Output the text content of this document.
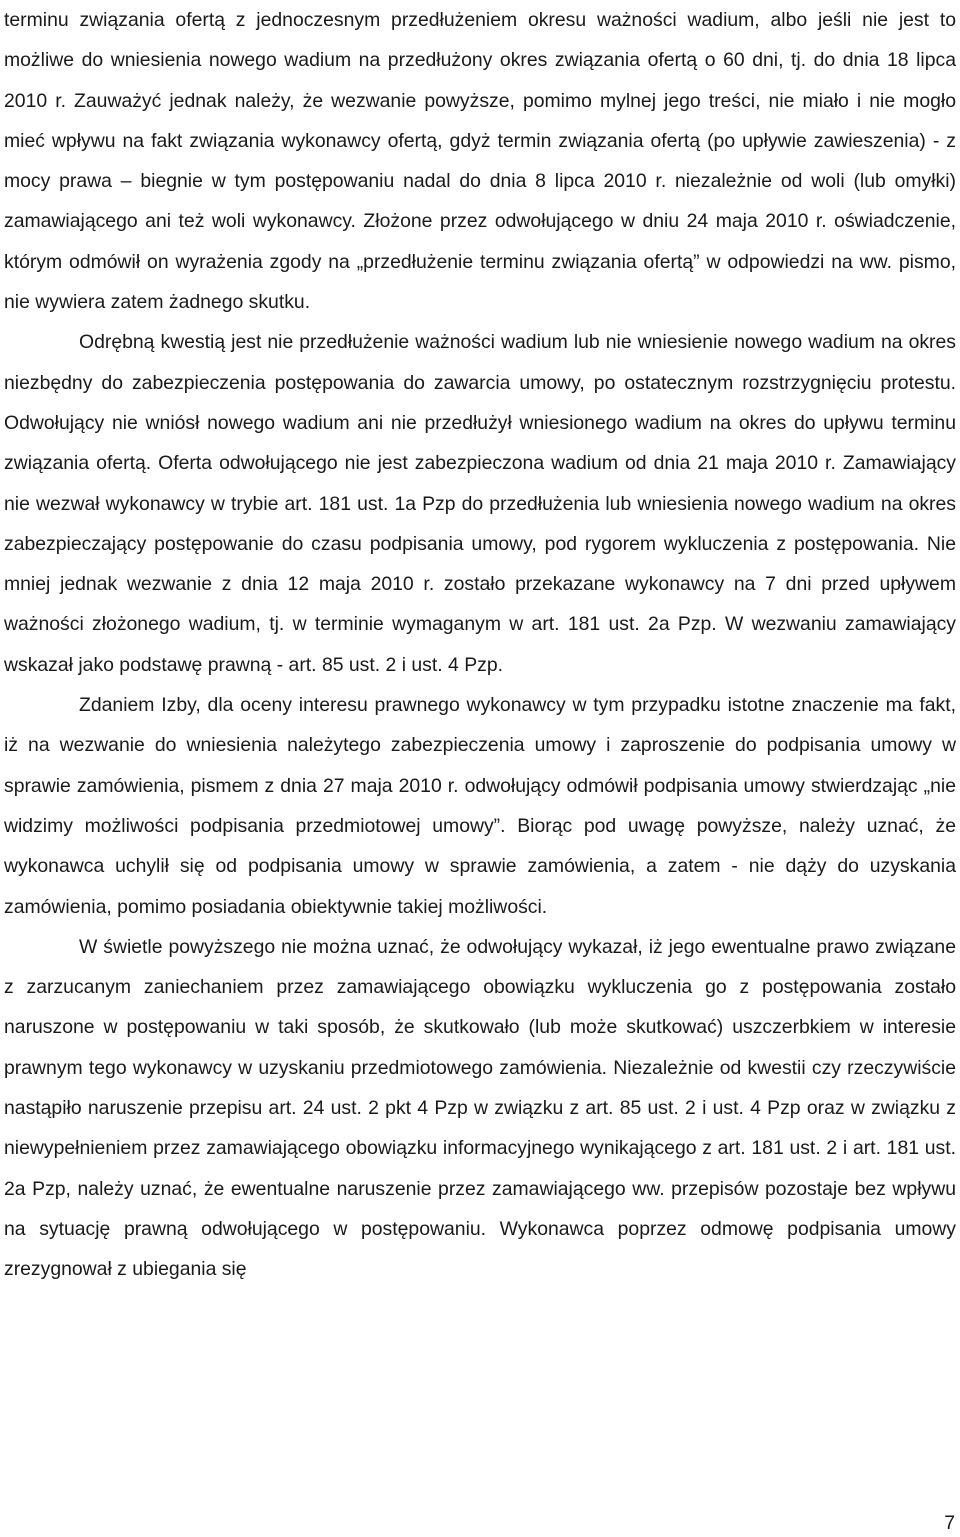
terminu związania ofertą z jednoczesnym przedłużeniem okresu ważności wadium, albo jeśli nie jest to możliwe do wniesienia nowego wadium na przedłużony okres związania ofertą o 60 dni, tj. do dnia 18 lipca 2010 r. Zauważyć jednak należy, że wezwanie powyższe, pomimo mylnej jego treści, nie miało i nie mogło mieć wpływu na fakt związania wykonawcy ofertą, gdyż termin związania ofertą (po upływie zawieszenia) - z mocy prawa – biegnie w tym postępowaniu nadal do dnia 8 lipca 2010 r. niezależnie od woli (lub omyłki) zamawiającego ani też woli wykonawcy. Złożone przez odwołującego w dniu 24 maja 2010 r. oświadczenie, którym odmówił on wyrażenia zgody na „przedłużenie terminu związania ofertą” w odpowiedzi na ww. pismo, nie wywiera zatem żadnego skutku.

Odrębną kwestią jest nie przedłużenie ważności wadium lub nie wniesienie nowego wadium na okres niezbędny do zabezpieczenia postępowania do zawarcia umowy, po ostatecznym rozstrzygnięciu protestu. Odwołujący nie wniósł nowego wadium ani nie przedłużył wniesionego wadium na okres do upływu terminu związania ofertą. Oferta odwołującego nie jest zabezpieczona wadium od dnia 21 maja 2010 r. Zamawiający nie wezwał wykonawcy w trybie art. 181 ust. 1a Pzp do przedłużenia lub wniesienia nowego wadium na okres zabezpieczający postępowanie do czasu podpisania umowy, pod rygorem wykluczenia z postępowania. Nie mniej jednak wezwanie z dnia 12 maja 2010 r. zostało przekazane wykonawcy na 7 dni przed upływem ważności złożonego wadium, tj. w terminie wymaganym w art. 181 ust. 2a Pzp. W wezwaniu zamawiający wskazał jako podstawę prawną - art. 85 ust. 2 i ust. 4 Pzp.

Zdaniem Izby, dla oceny interesu prawnego wykonawcy w tym przypadku istotne znaczenie ma fakt, iż na wezwanie do wniesienia należytego zabezpieczenia umowy i zaproszenie do podpisania umowy w sprawie zamówienia, pismem z dnia 27 maja 2010 r. odwołujący odmówił podpisania umowy stwierdzając „nie widzimy możliwości podpisania przedmiotowej umowy”. Biorąc pod uwagę powyższe, należy uznać, że wykonawca uchylił się od podpisania umowy w sprawie zamówienia, a zatem - nie dąży do uzyskania zamówienia, pomimo posiadania obiektywnie takiej możliwości.

W świetle powyższego nie można uznać, że odwołujący wykazał, iż jego ewentualne prawo związane z zarzucanym zaniechaniem przez zamawiającego obowiązku wykluczenia go z postępowania zostało naruszone w postępowaniu w taki sposób, że skutkowało (lub może skutkować) uszczerbkiem w interesie prawnym tego wykonawcy w uzyskaniu przedmiotowego zamówienia. Niezależnie od kwestii czy rzeczywiście nastąpiło naruszenie przepisu art. 24 ust. 2 pkt 4 Pzp w związku z art. 85 ust. 2 i ust. 4 Pzp oraz w związku z niewypełnieniem przez zamawiającego obowiązku informacyjnego wynikającego z art. 181 ust. 2 i art. 181 ust. 2a Pzp, należy uznać, że ewentualne naruszenie przez zamawiającego ww. przepisów pozostaje bez wpływu na sytuację prawną odwołującego w postępowaniu. Wykonawca poprzez odmowę podpisania umowy zrezygnował z ubiegania się

7
